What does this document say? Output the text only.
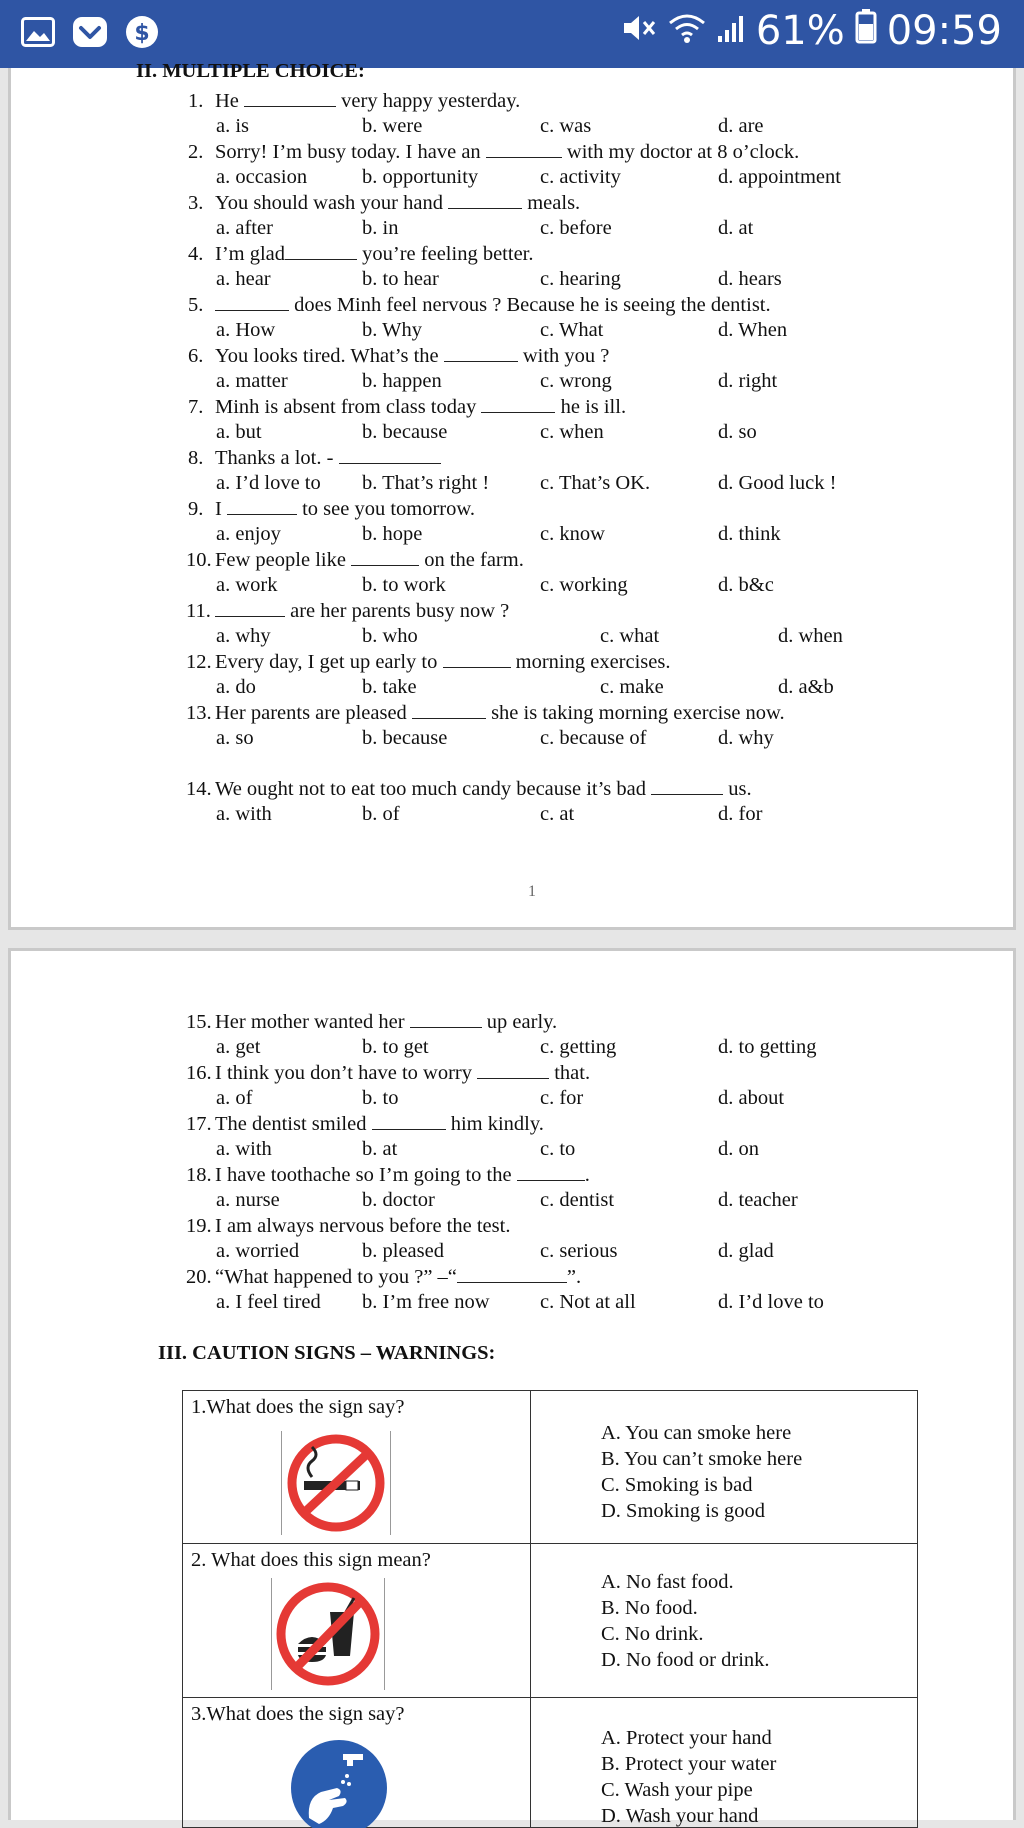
$	61% 09:59
II. MULTIPLE CHOICE:
1
1. He	very happy yesterday.
a. is	b. were	c. was	d. are
2. Sorry! I’m busy today. I have an	with my doctor at 8 o’clock.
a. occasion	b. opportunity	c. activity	d. appointment
3. You should wash your hand	meals.
a. after	b. in	c. before	d. at
4. I’m glad	you’re feeling better.
a. hear	b. to hear	c. hearing	d. hears
5.	does Minh feel nervous ? Because he is seeing the dentist.
a. How	b. Why	c. What	d. When
6. You looks tired. What’s the	with you ?
a. matter	b. happen	c. wrong	d. right
7. Minh is absent from class today	he is ill.
a. but	b. because	c. when	d. so
8. Thanks a lot. -
a. I’d love to b. That’s right ! c. That’s OK.	d. Good luck !
9. I	to see you tomorrow.
a. enjoy	b. hope	c. know	d. think
10. Few people like	on the farm.
a. work	b. to work	c. working	d. b&c
11.	are her parents busy now ?
a. why	b. who	c. what	d. when
12. Every day, I get up early to	morning exercises.
a. do	b. take	c. make	d. a&b
13. Her parents are pleased	she is taking morning exercise now.
a. so	b. because	c. because of	d. why
14. We ought not to eat too much candy because it’s bad	us.
a. with	b. of	c. at	d. for
15. Her mother wanted her	up early.
a. get	b. to get	c. getting	d. to getting
16. I think you don’t have to worry	that.
a. of	b. to	c. for	d. about
17. The dentist smiled	him kindly.
a. with	b. at	c. to	d. on
18. I have toothache so I’m going to the	.
a. nurse	b. doctor	c. dentist	d. teacher
19. I am always nervous before the test.
a. worried	b. pleased	c. serious	d. glad
20. “What happened to you ?” –“	”.
a. I feel tired b. I’m free now c. Not at all	d. I’d love to
III. CAUTION SIGNS – WARNINGS:
1.What does the sign say?	A. You can smoke here
B. You can’t smoke here
C. Smoking is bad
D. Smoking is good

2. What does this sign mean?	A. No fast food.
B. No food.
C. No drink.
D. No food or drink.

3.What does the sign say?	A. Protect your hand
B. Protect your water
C. Wash your pipe
D. Wash your hand
